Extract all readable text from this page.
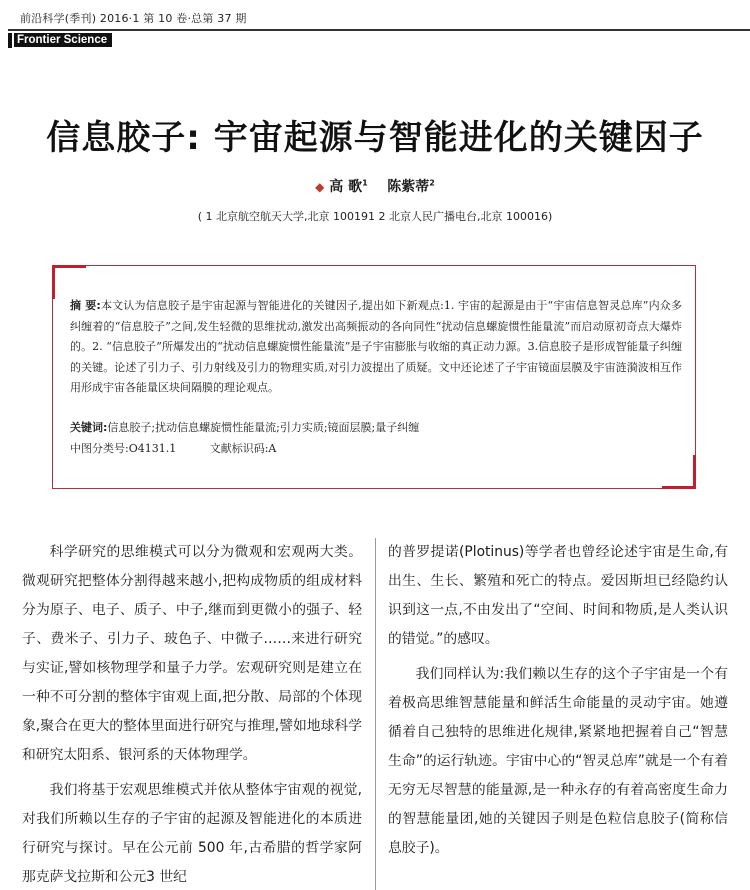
前沿科学(季刊) 2016·1 第 10 卷·总第 37 期
Frontier Science
信息胶子: 宇宙起源与智能进化的关键因子
◆ 高 歌$^1$ 陈紫蒂$^2$
( 1 北京航空航天大学,北京 100191 2 北京人民广播电台,北京 100016)
摘 要:本文认为信息胶子是宇宙起源与智能进化的关键因子,提出如下新观点:1. 宇宙的起源是由于“宇宙信息智灵总库”内众多纠缠着的“信息胶子”之间,发生轻微的思维扰动,激发出高频振动的各向同性“扰动信息螺旋惯性能量流”而启动原初奇点大爆炸的。2. “信息胶子”所爆发出的“扰动信息螺旋惯性能量流”是子宇宙膨胀与收缩的真正动力源。3.信息胶子是形成智能量子纠缠的关键。论述了引力子、引力射线及引力的物理实质,对引力波提出了质疑。文中还论述了子宇宙镜面层膜及宇宙涟漪波相互作用形成宇宙各能量区块间隔膜的理论观点。
关键词:信息胶子;扰动信息螺旋惯性能量流;引力实质;镜面层膜;量子纠缠
中图分类号:O4131.1	文献标识码:A

科学研究的思维模式可以分为微观和宏观两大类。微观研究把整体分割得越来越小,把构成物质的组成材料分为原子、电子、质子、中子,继而到更微小的强子、轻子、费米子、引力子、玻色子、中微子……来进行研究与实证,譬如核物理学和量子力学。宏观研究则是建立在一种不可分割的整体宇宙观上面,把分散、局部的个体现象,聚合在更大的整体里面进行研究与推理,譬如地球科学和研究太阳系、银河系的天体物理学。

我们将基于宏观思维模式并依从整体宇宙观的视觉,对我们所赖以生存的子宇宙的起源及智能进化的本质进行研究与探讨。早在公元前 500 年,古希腊的哲学家阿那克萨戈拉斯和公元3 世纪

的普罗提诺(Plotinus)等学者也曾经论述宇宙是生命,有出生、生长、繁殖和死亡的特点。爱因斯坦已经隐约认识到这一点,不由发出了“空间、时间和物质,是人类认识的错觉。”的感叹。

我们同样认为:我们赖以生存的这个子宇宙是一个有着极高思维智慧能量和鲜活生命能量的灵动宇宙。她遵循着自己独特的思维进化规律,紧紧地把握着自己“智慧生命”的运行轨迹。宇宙中心的“智灵总库”就是一个有着无穷无尽智慧的能量源,是一种永存的有着高密度生命力的智慧能量团,她的关键因子则是色粒信息胶子(简称信息胶子)。
